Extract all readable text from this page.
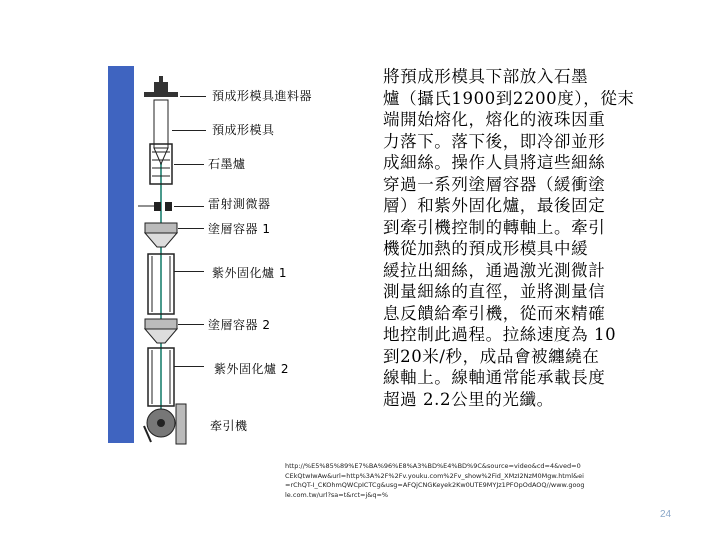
預成形模具進料器
預成形模具
石墨爐
雷射測微器
塗層容器 1
紫外固化爐 1
塗層容器 2
紫外固化爐 2
牽引機
將預成形模具下部放入石墨
爐（攝氏1900到2200度），從末
端開始熔化，熔化的液珠因重
力落下。落下後，即冷卻並形
成細絲。操作人員將這些細絲
穿過一系列塗層容器（緩衝塗
層）和紫外固化爐，最後固定
到牽引機控制的轉軸上。牽引
機從加熱的預成形模具中緩
緩拉出細絲，通過激光測微計
測量細絲的直徑，並將測量信
息反饋給牽引機，從而來精確
地控制此過程。拉絲速度為 10
到20米/秒，成品會被纏繞在
線軸上。線軸通常能承載長度
超過 2.2公里的光纖。
http://%E5%85%89%E7%BA%96%E8%A3%BD%E4%BD%9C&source=video&cd=4&ved=0CEkQtwIwAw&url=http%3A%2F%2Fv.youku.com%2Fv_show%2Fid_XMzI2NzM0Mgw.html&ei=rChQT-I_CKOhmQWCpICTCg&usg=AFQjCNGKeyek2Kw0UTE9MYJz1PFOpOdAOQ//www.google.com.tw/url?sa=t&rct=j&q=%
24
